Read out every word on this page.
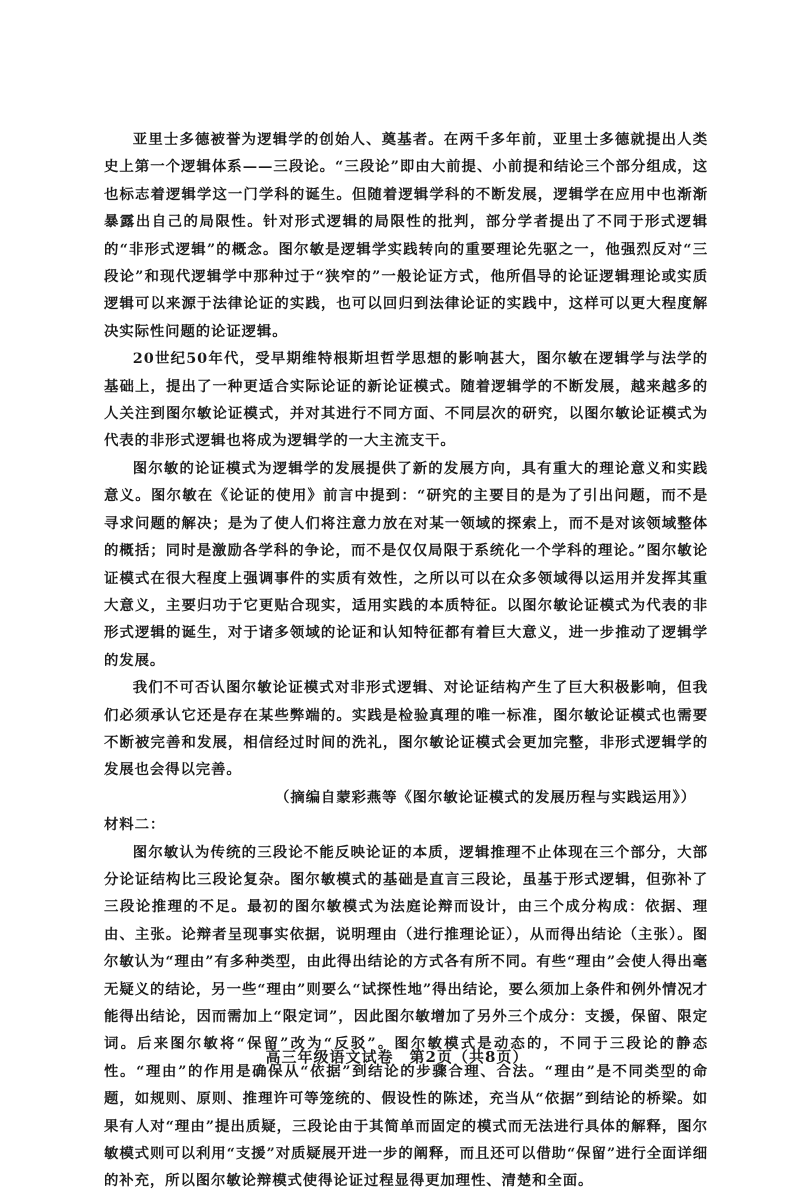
亚里士多德被誉为逻辑学的创始人、奠基者。在两千多年前，亚里士多德就提出人类史上第一个逻辑体系——三段论。“三段论”即由大前提、小前提和结论三个部分组成，这也标志着逻辑学这一门学科的诞生。但随着逻辑学科的不断发展，逻辑学在应用中也渐渐暴露出自己的局限性。针对形式逻辑的局限性的批判，部分学者提出了不同于形式逻辑的“非形式逻辑”的概念。图尔敏是逻辑学实践转向的重要理论先驱之一，他强烈反对“三段论”和现代逻辑学中那种过于“狭窄的”一般论证方式，他所倡导的论证逻辑理论或实质逻辑可以来源于法律论证的实践，也可以回归到法律论证的实践中，这样可以更大程度解决实际性问题的论证逻辑。

20世纪50年代，受早期维特根斯坦哲学思想的影响甚大，图尔敏在逻辑学与法学的基础上，提出了一种更适合实际论证的新论证模式。随着逻辑学的不断发展，越来越多的人关注到图尔敏论证模式，并对其进行不同方面、不同层次的研究，以图尔敏论证模式为代表的非形式逻辑也将成为逻辑学的一大主流支干。

图尔敏的论证模式为逻辑学的发展提供了新的发展方向，具有重大的理论意义和实践意义。图尔敏在《论证的使用》前言中提到：“研究的主要目的是为了引出问题，而不是寻求问题的解决；是为了使人们将注意力放在对某一领域的探索上，而不是对该领域整体的概括；同时是激励各学科的争论，而不是仅仅局限于系统化一个学科的理论。”图尔敏论证模式在很大程度上强调事件的实质有效性，之所以可以在众多领域得以运用并发挥其重大意义，主要归功于它更贴合现实，适用实践的本质特征。以图尔敏论证模式为代表的非形式逻辑的诞生，对于诸多领域的论证和认知特征都有着巨大意义，进一步推动了逻辑学的发展。

我们不可否认图尔敏论证模式对非形式逻辑、对论证结构产生了巨大积极影响，但我们必须承认它还是存在某些弊端的。实践是检验真理的唯一标准，图尔敏论证模式也需要不断被完善和发展，相信经过时间的洗礼，图尔敏论证模式会更加完整，非形式逻辑学的发展也会得以完善。

（摘编自蒙彩燕等《图尔敏论证模式的发展历程与实践运用》）

材料二：

图尔敏认为传统的三段论不能反映论证的本质，逻辑推理不止体现在三个部分，大部分论证结构比三段论复杂。图尔敏模式的基础是直言三段论，虽基于形式逻辑，但弥补了三段论推理的不足。最初的图尔敏模式为法庭论辩而设计，由三个成分构成：依据、理由、主张。论辩者呈现事实依据，说明理由（进行推理论证），从而得出结论（主张）。图尔敏认为“理由”有多种类型，由此得出结论的方式各有所不同。有些“理由”会使人得出毫无疑义的结论，另一些“理由”则要么“试探性地”得出结论，要么须加上条件和例外情况才能得出结论，因而需加上“限定词”，因此图尔敏增加了另外三个成分：支援，保留、限定词。后来图尔敏将“保留”改为“反驳”。图尔敏模式是动态的，不同于三段论的静态性。“理由”的作用是确保从“依据”到结论的步骤合理、合法。“理由”是不同类型的命题，如规则、原则、推理许可等笼统的、假设性的陈述，充当从“依据”到结论的桥梁。如果有人对“理由”提出质疑，三段论由于其简单而固定的模式而无法进行具体的解释，图尔敏模式则可以利用“支援”对质疑展开进一步的阐释，而且还可以借助“保留”进行全面详细的补充，所以图尔敏论辩模式使得论证过程显得更加理性、清楚和全面。

高三年级语文试卷　第2页（共8页）
